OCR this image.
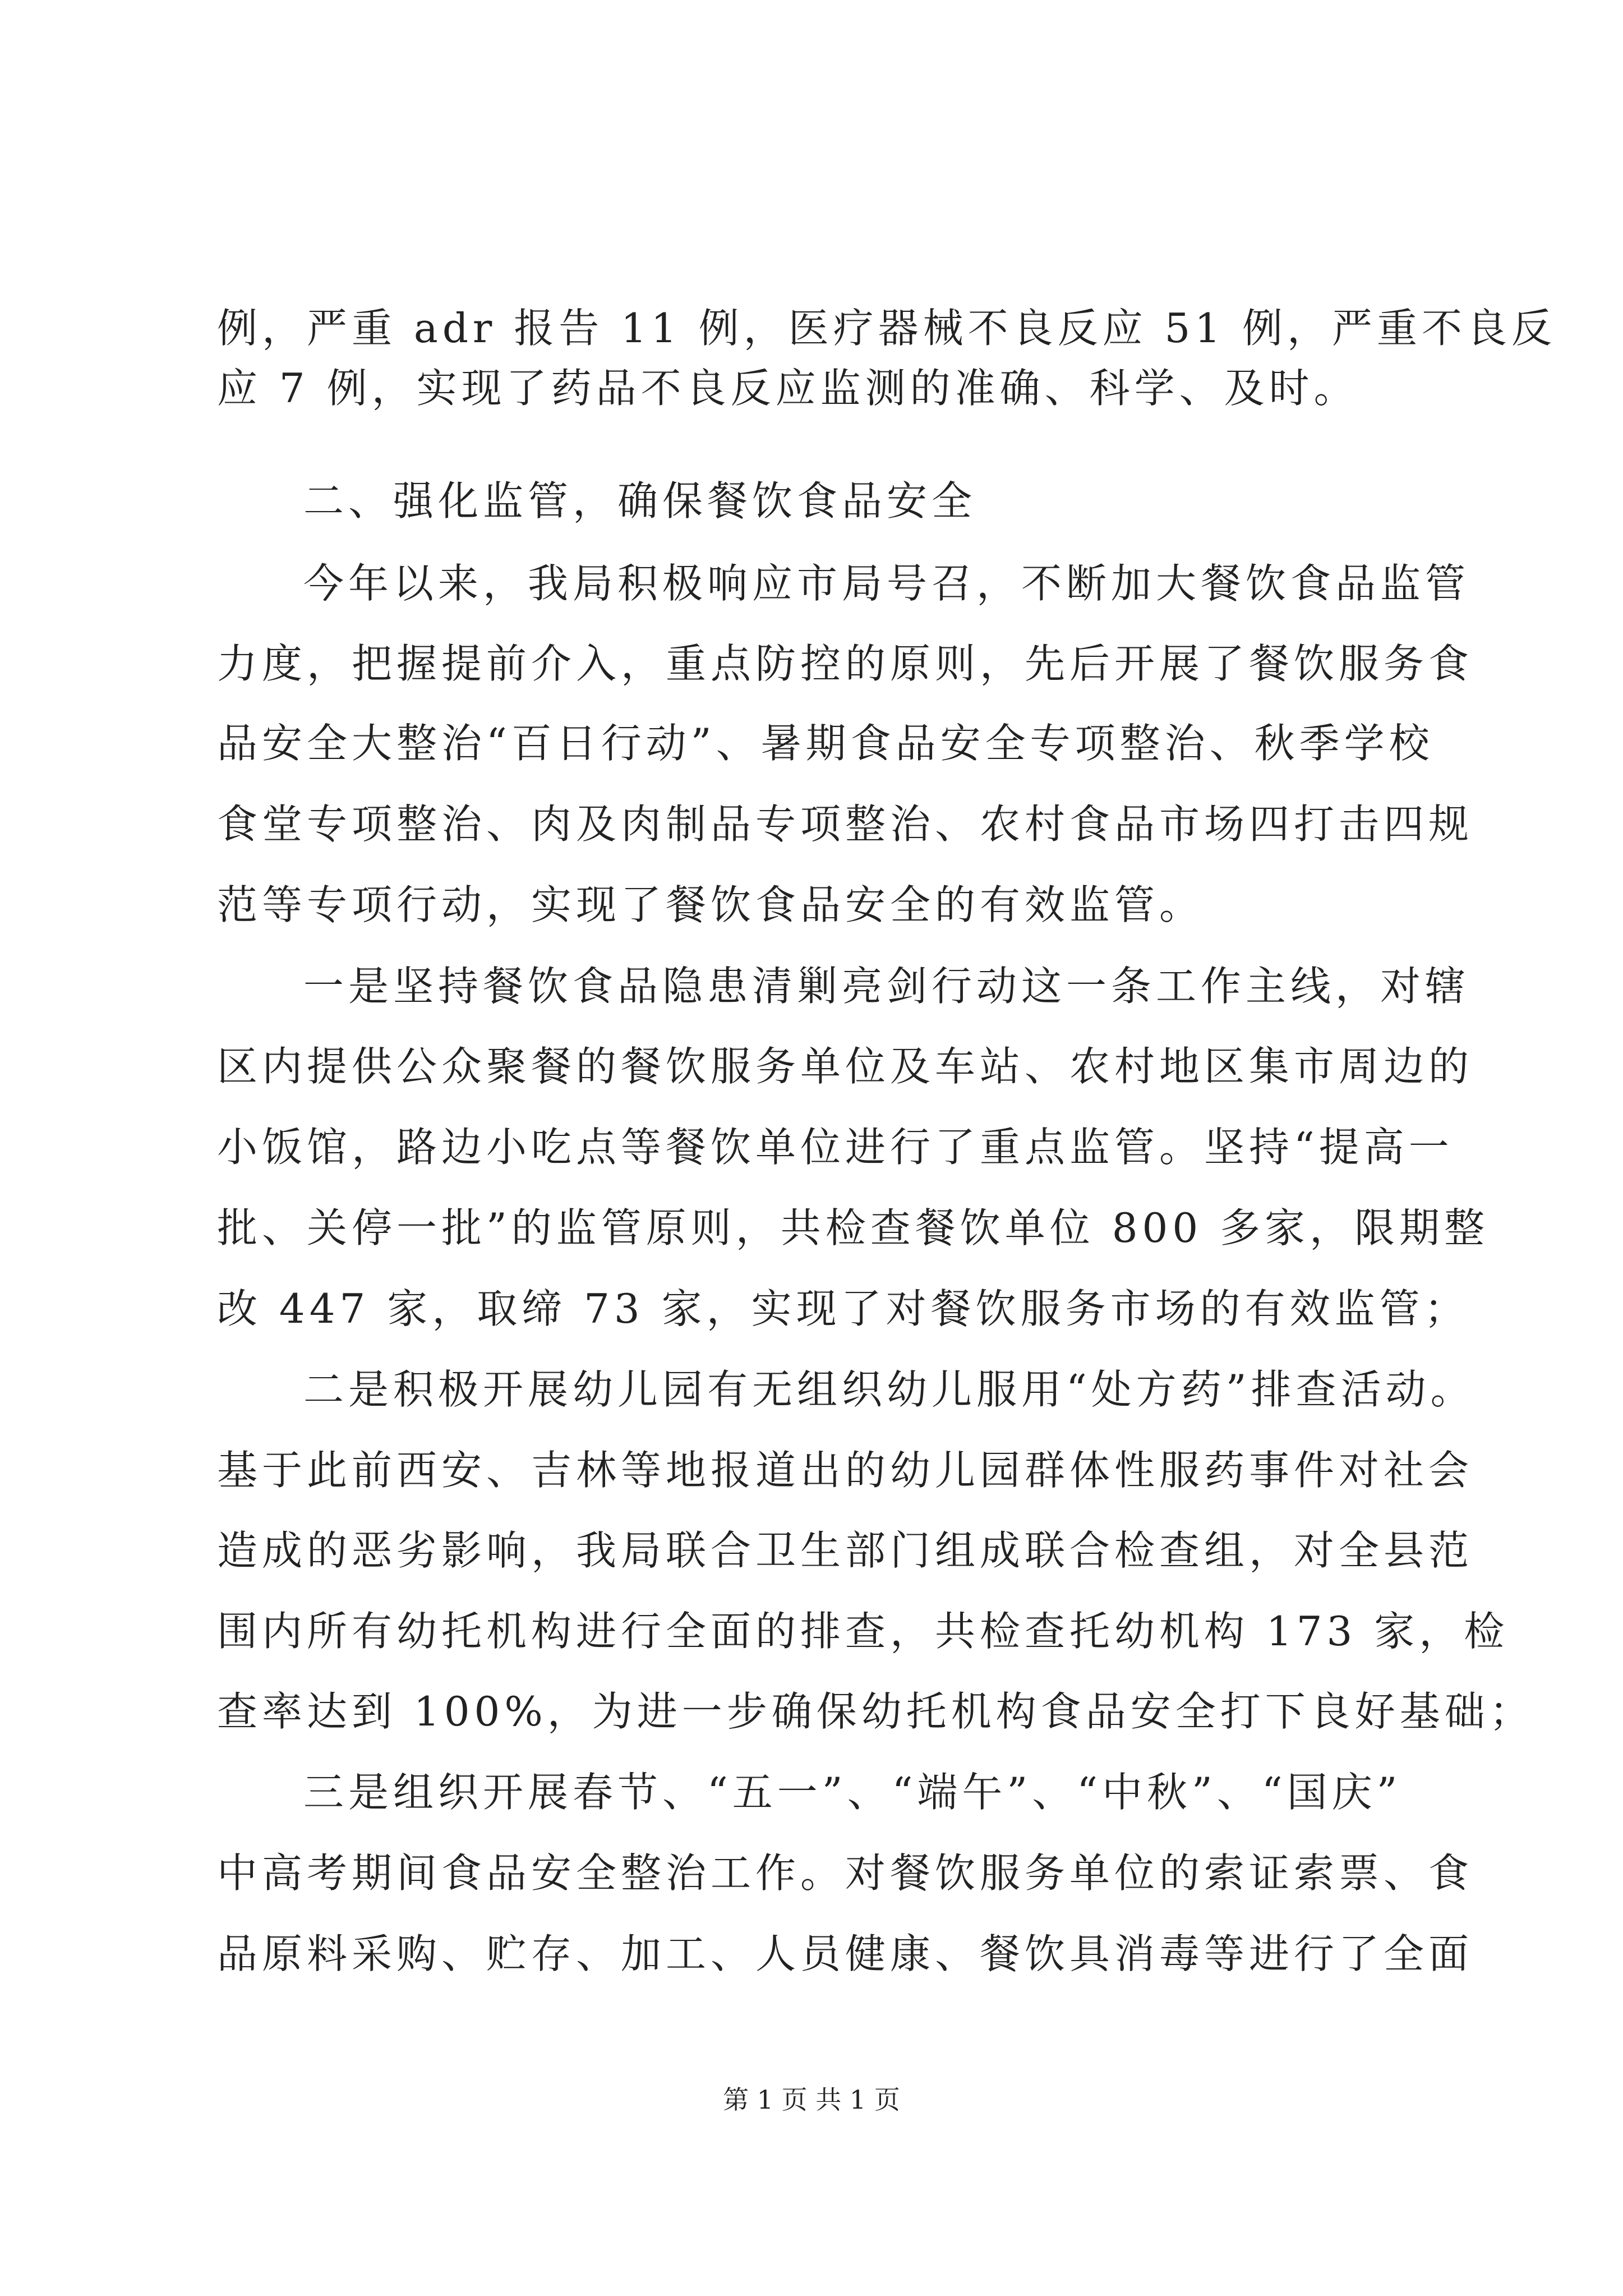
例，严重 adr 报告 11 例，医疗器械不良反应 51 例，严重不良反
应 7 例，实现了药品不良反应监测的准确、科学、及时。
二、强化监管，确保餐饮食品安全
今年以来，我局积极响应市局号召，不断加大餐饮食品监管
力度，把握提前介入，重点防控的原则，先后开展了餐饮服务食
品安全大整治“百日行动”、暑期食品安全专项整治、秋季学校
食堂专项整治、肉及肉制品专项整治、农村食品市场四打击四规
范等专项行动，实现了餐饮食品安全的有效监管。
一是坚持餐饮食品隐患清剿亮剑行动这一条工作主线，对辖
区内提供公众聚餐的餐饮服务单位及车站、农村地区集市周边的
小饭馆，路边小吃点等餐饮单位进行了重点监管。坚持“提高一
批、关停一批”的监管原则，共检查餐饮单位 800 多家，限期整
改 447 家，取缔 73 家，实现了对餐饮服务市场的有效监管；
二是积极开展幼儿园有无组织幼儿服用“处方药”排查活动。
基于此前西安、吉林等地报道出的幼儿园群体性服药事件对社会
造成的恶劣影响，我局联合卫生部门组成联合检查组，对全县范
围内所有幼托机构进行全面的排查，共检查托幼机构 173 家，检
查率达到 100%，为进一步确保幼托机构食品安全打下良好基础；
三是组织开展春节、“五一”、“端午”、“中秋”、“国庆”
中高考期间食品安全整治工作。对餐饮服务单位的索证索票、食
品原料采购、贮存、加工、人员健康、餐饮具消毒等进行了全面
第 1 页 共 1 页
